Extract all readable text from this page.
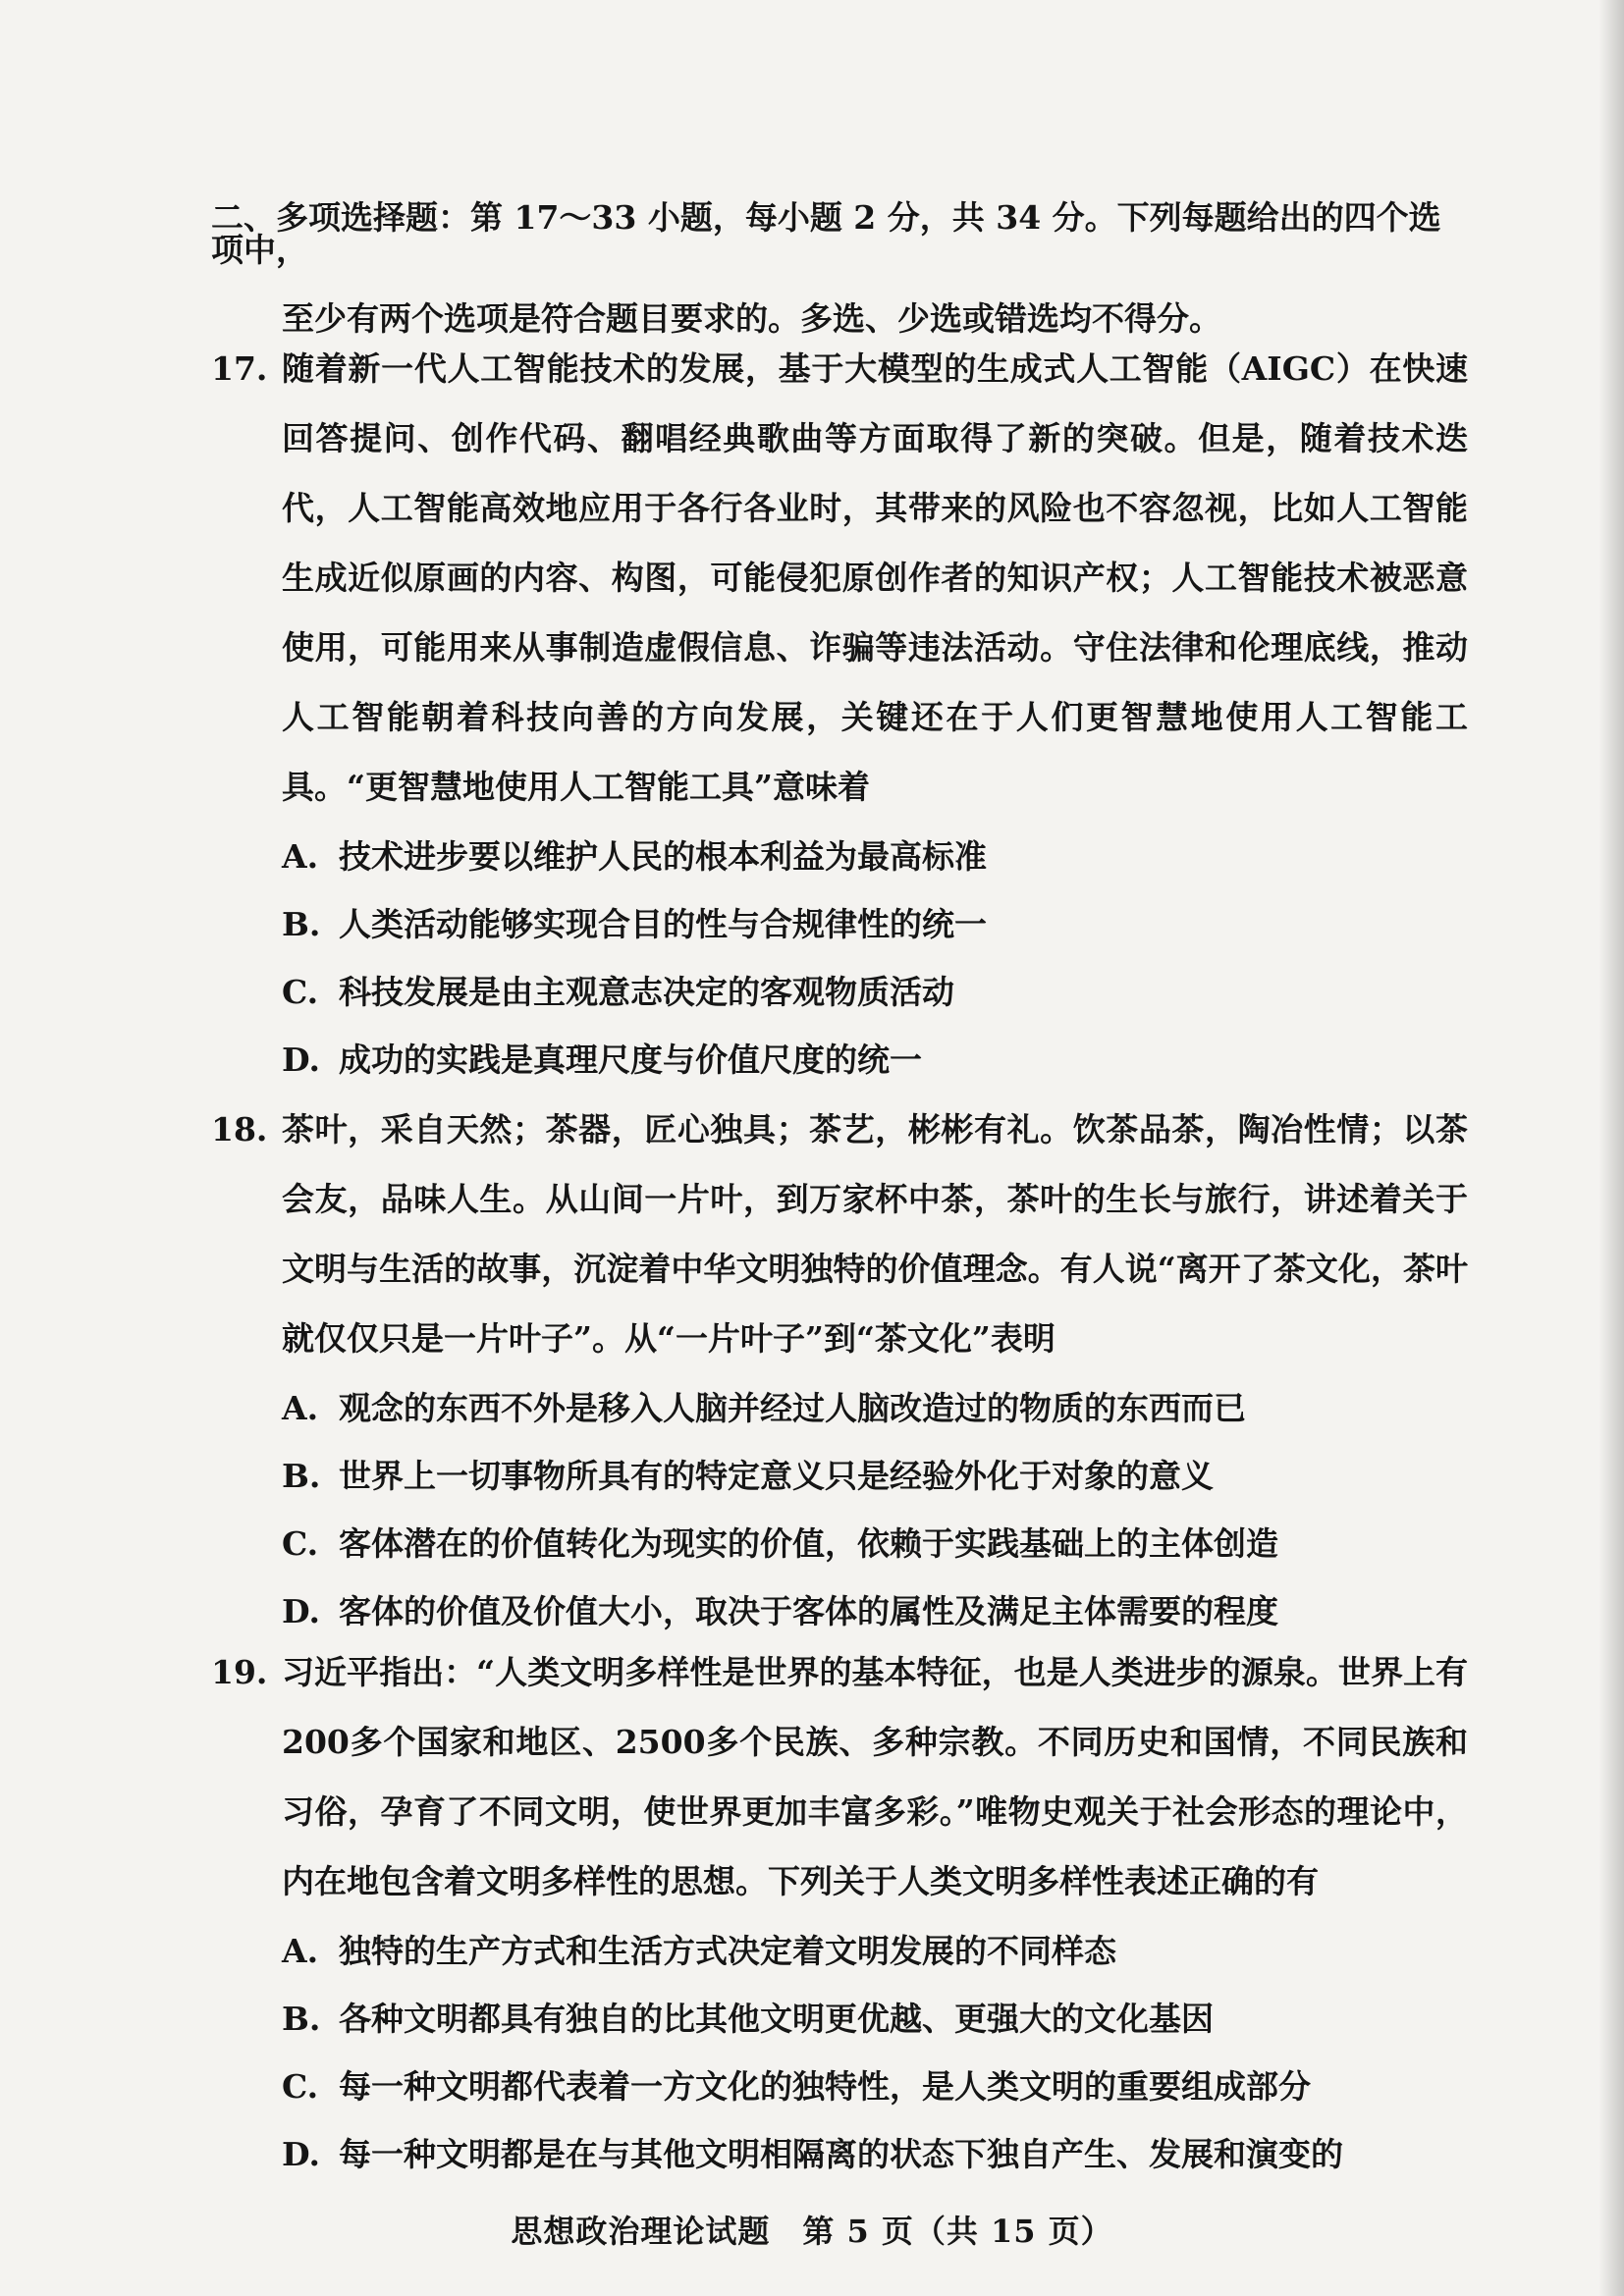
二、多项选择题：第 17～33 小题，每小题 2 分，共 34 分。下列每题给出的四个选项中，
至少有两个选项是符合题目要求的。多选、少选或错选均不得分。
17. 随着新一代人工智能技术的发展，基于大模型的生成式人工智能（AIGC）在快速回答提问、创作代码、翻唱经典歌曲等方面取得了新的突破。但是，随着技术迭代，人工智能高效地应用于各行各业时，其带来的风险也不容忽视，比如人工智能生成近似原画的内容、构图，可能侵犯原创作者的知识产权；人工智能技术被恶意使用，可能用来从事制造虚假信息、诈骗等违法活动。守住法律和伦理底线，推动人工智能朝着科技向善的方向发展，关键还在于人们更智慧地使用人工智能工具。“更智慧地使用人工智能工具”意味着
A. 技术进步要以维护人民的根本利益为最高标准
B. 人类活动能够实现合目的性与合规律性的统一
C. 科技发展是由主观意志决定的客观物质活动
D. 成功的实践是真理尺度与价值尺度的统一
18. 茶叶，采自天然；茶器，匠心独具；茶艺，彬彬有礼。饮茶品茶，陶冶性情；以茶会友，品味人生。从山间一片叶，到万家杯中茶，茶叶的生长与旅行，讲述着关于文明与生活的故事，沉淀着中华文明独特的价值理念。有人说“离开了茶文化，茶叶就仅仅只是一片叶子”。从“一片叶子”到“茶文化”表明
A. 观念的东西不外是移入人脑并经过人脑改造过的物质的东西而已
B. 世界上一切事物所具有的特定意义只是经验外化于对象的意义
C. 客体潜在的价值转化为现实的价值，依赖于实践基础上的主体创造
D. 客体的价值及价值大小，取决于客体的属性及满足主体需要的程度
19. 习近平指出：“人类文明多样性是世界的基本特征，也是人类进步的源泉。世界上有200多个国家和地区、2500多个民族、多种宗教。不同历史和国情，不同民族和习俗，孕育了不同文明，使世界更加丰富多彩。”唯物史观关于社会形态的理论中，内在地包含着文明多样性的思想。下列关于人类文明多样性表述正确的有
A. 独特的生产方式和生活方式决定着文明发展的不同样态
B. 各种文明都具有独自的比其他文明更优越、更强大的文化基因
C. 每一种文明都代表着一方文化的独特性，是人类文明的重要组成部分
D. 每一种文明都是在与其他文明相隔离的状态下独自产生、发展和演变的
思想政治理论试题　第 5 页（共 15 页）
